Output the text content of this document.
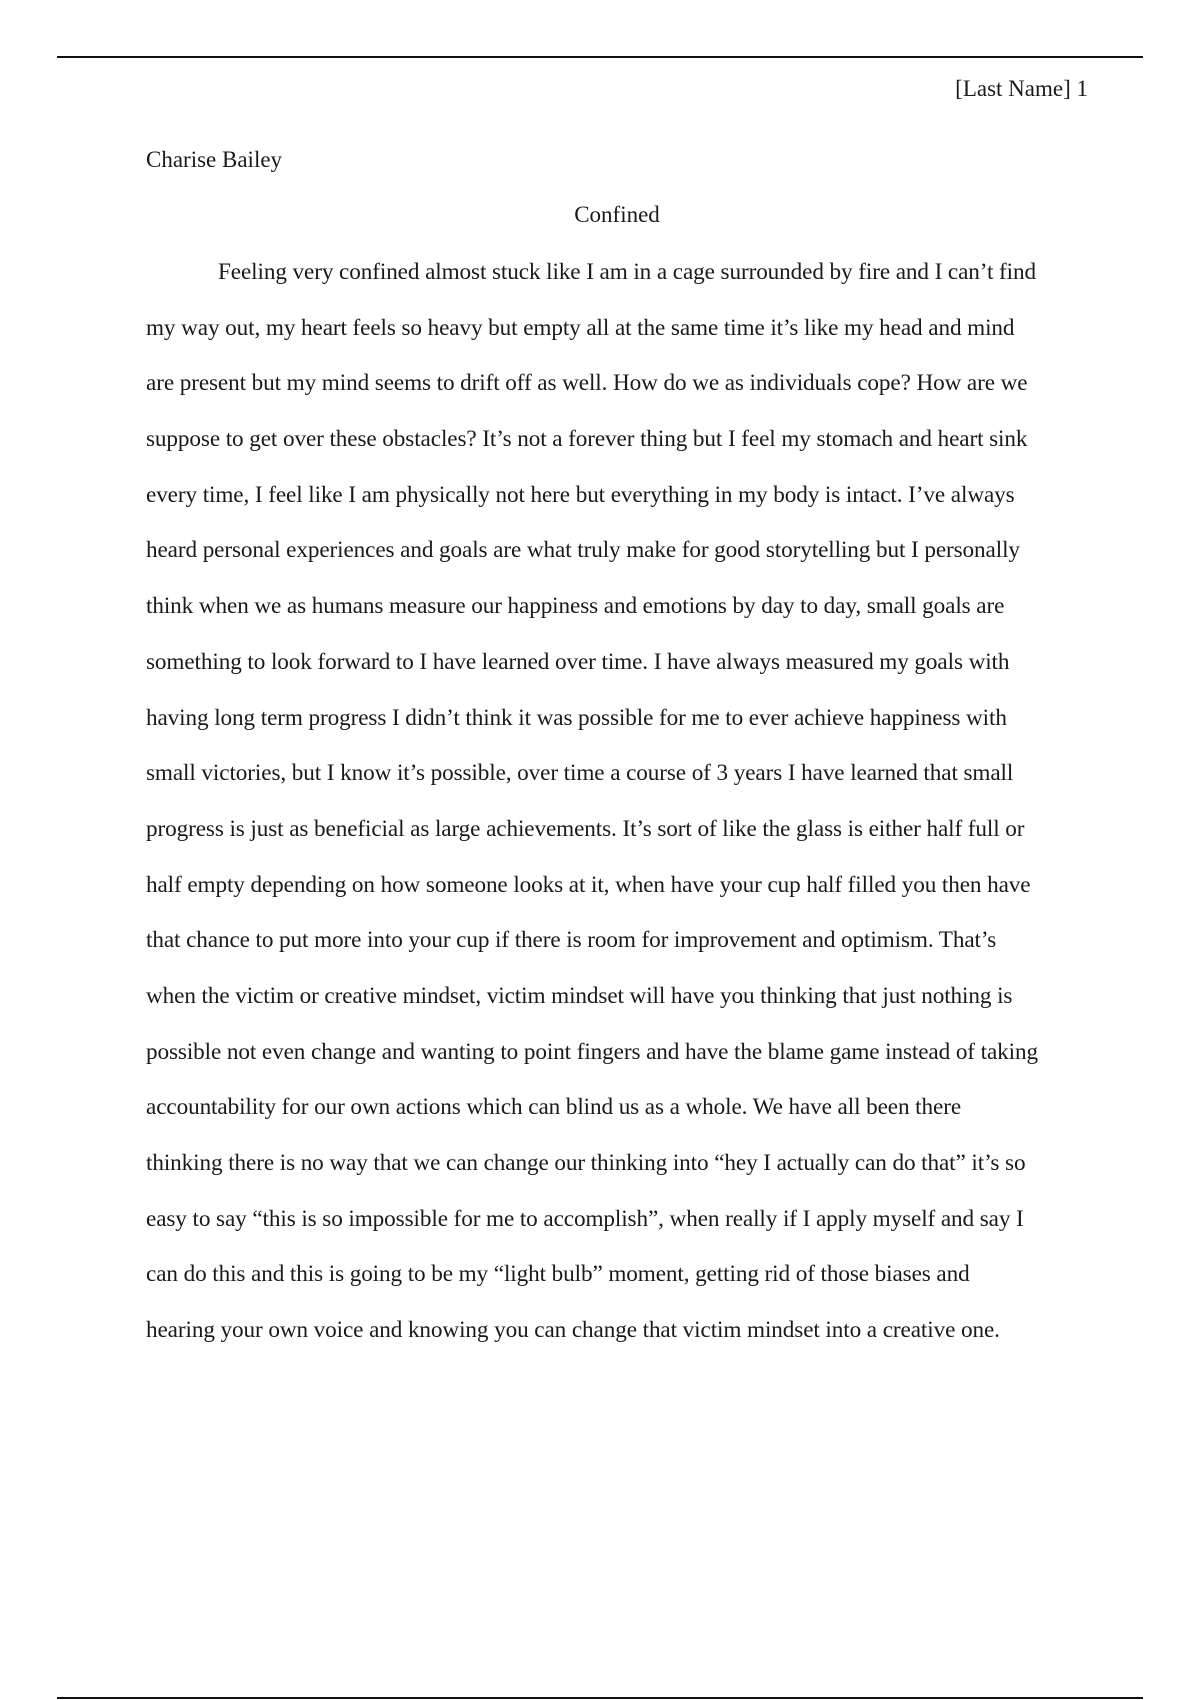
[Last Name] 1
Charise Bailey
Confined
Feeling very confined almost stuck like I am in a cage surrounded by fire and I can’t find
my way out, my heart feels so heavy but empty all at the same time it’s like my head and mind
are present but my mind seems to drift off as well. How do we as individuals cope? How are we
suppose to get over these obstacles? It’s not a forever thing but I feel my stomach and heart sink
every time, I feel like I am physically not here but everything in my body is intact. I’ve always
heard personal experiences and goals are what truly make for good storytelling but I personally
think when we as humans measure our happiness and emotions by day to day, small goals are
something to look forward to I have learned over time. I have always measured my goals with
having long term progress I didn’t think it was possible for me to ever achieve happiness with
small victories, but I know it’s possible, over time a course of 3 years I have learned that small
progress is just as beneficial as large achievements. It’s sort of like the glass is either half full or
half empty depending on how someone looks at it, when have your cup half filled you then have
that chance to put more into your cup if there is room for improvement and optimism. That’s
when the victim or creative mindset, victim mindset will have you thinking that just nothing is
possible not even change and wanting to point fingers and have the blame game instead of taking
accountability for our own actions which can blind us as a whole. We have all been there
thinking there is no way that we can change our thinking into “hey I actually can do that” it’s so
easy to say “this is so impossible for me to accomplish”, when really if I apply myself and say I
can do this and this is going to be my “light bulb” moment, getting rid of those biases and
hearing your own voice and knowing you can change that victim mindset into a creative one.
